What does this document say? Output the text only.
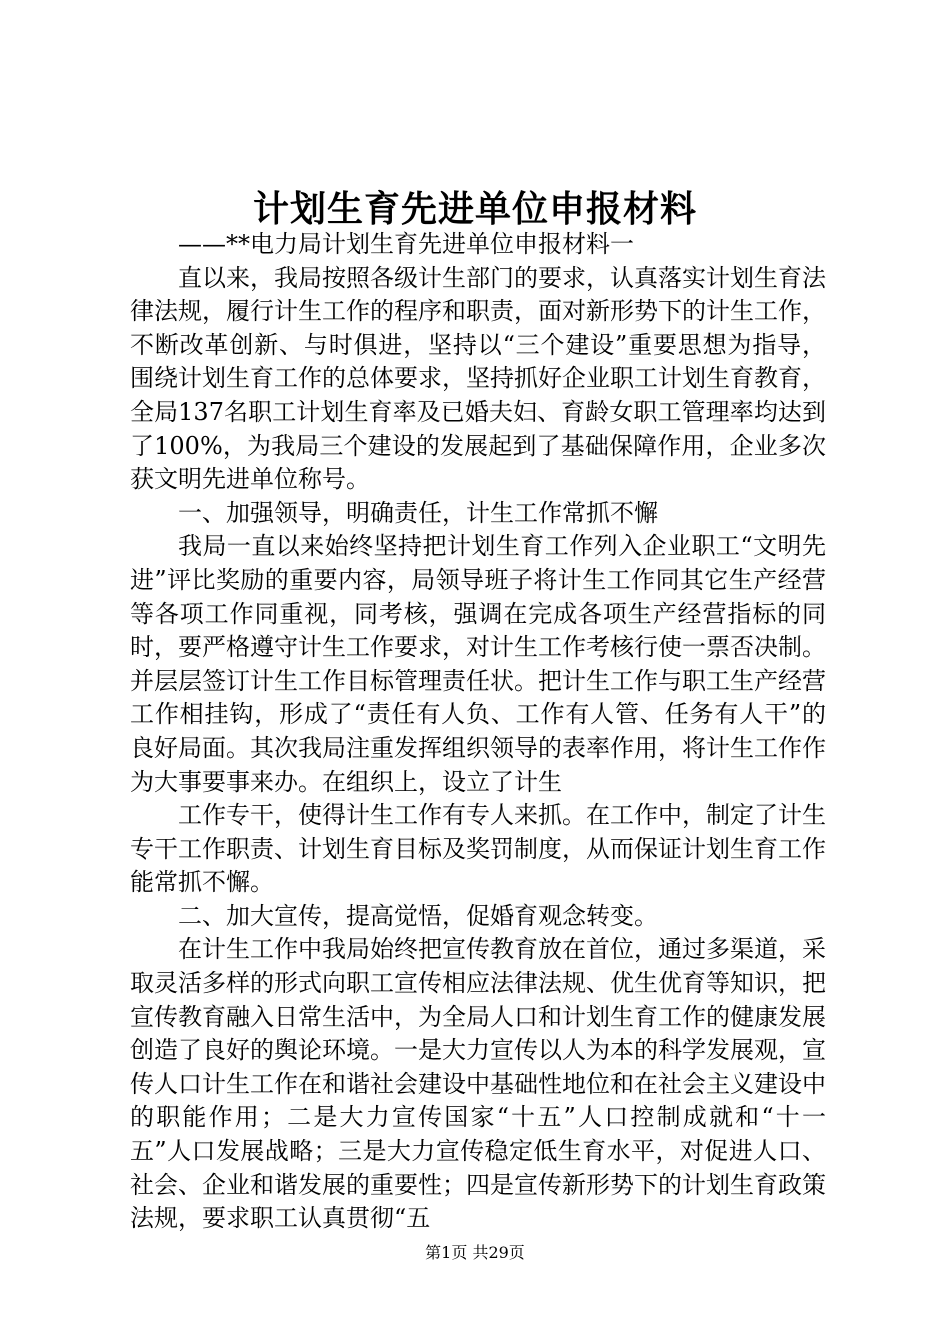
计划生育先进单位申报材料

——**电力局计划生育先进单位申报材料一

直以来，我局按照各级计生部门的要求，认真落实计划生育法律法规，履行计生工作的程序和职责，面对新形势下的计生工作，不断改革创新、与时俱进，坚持以“三个建设”重要思想为指导，围绕计划生育工作的总体要求，坚持抓好企业职工计划生育教育，全局137名职工计划生育率及已婚夫妇、育龄女职工管理率均达到了100%，为我局三个建设的发展起到了基础保障作用，企业多次获文明先进单位称号。

一、加强领导，明确责任，计生工作常抓不懈

我局一直以来始终坚持把计划生育工作列入企业职工“文明先进”评比奖励的重要内容，局领导班子将计生工作同其它生产经营等各项工作同重视，同考核，强调在完成各项生产经营指标的同时，要严格遵守计生工作要求，对计生工作考核行使一票否决制。并层层签订计生工作目标管理责任状。把计生工作与职工生产经营工作相挂钩，形成了“责任有人负、工作有人管、任务有人干”的良好局面。其次我局注重发挥组织领导的表率作用，将计生工作作为大事要事来办。在组织上，设立了计生

工作专干，使得计生工作有专人来抓。在工作中，制定了计生专干工作职责、计划生育目标及奖罚制度，从而保证计划生育工作能常抓不懈。

二、加大宣传，提高觉悟，促婚育观念转变。

在计生工作中我局始终把宣传教育放在首位，通过多渠道，采取灵活多样的形式向职工宣传相应法律法规、优生优育等知识，把宣传教育融入日常生活中，为全局人口和计划生育工作的健康发展创造了良好的舆论环境。一是大力宣传以人为本的科学发展观，宣传人口计生工作在和谐社会建设中基础性地位和在社会主义建设中的职能作用；二是大力宣传国家“十五”人口控制成就和“十一五”人口发展战略；三是大力宣传稳定低生育水平，对促进人口、社会、企业和谐发展的重要性；四是宣传新形势下的计划生育政策法规，要求职工认真贯彻“五

第1页 共29页
